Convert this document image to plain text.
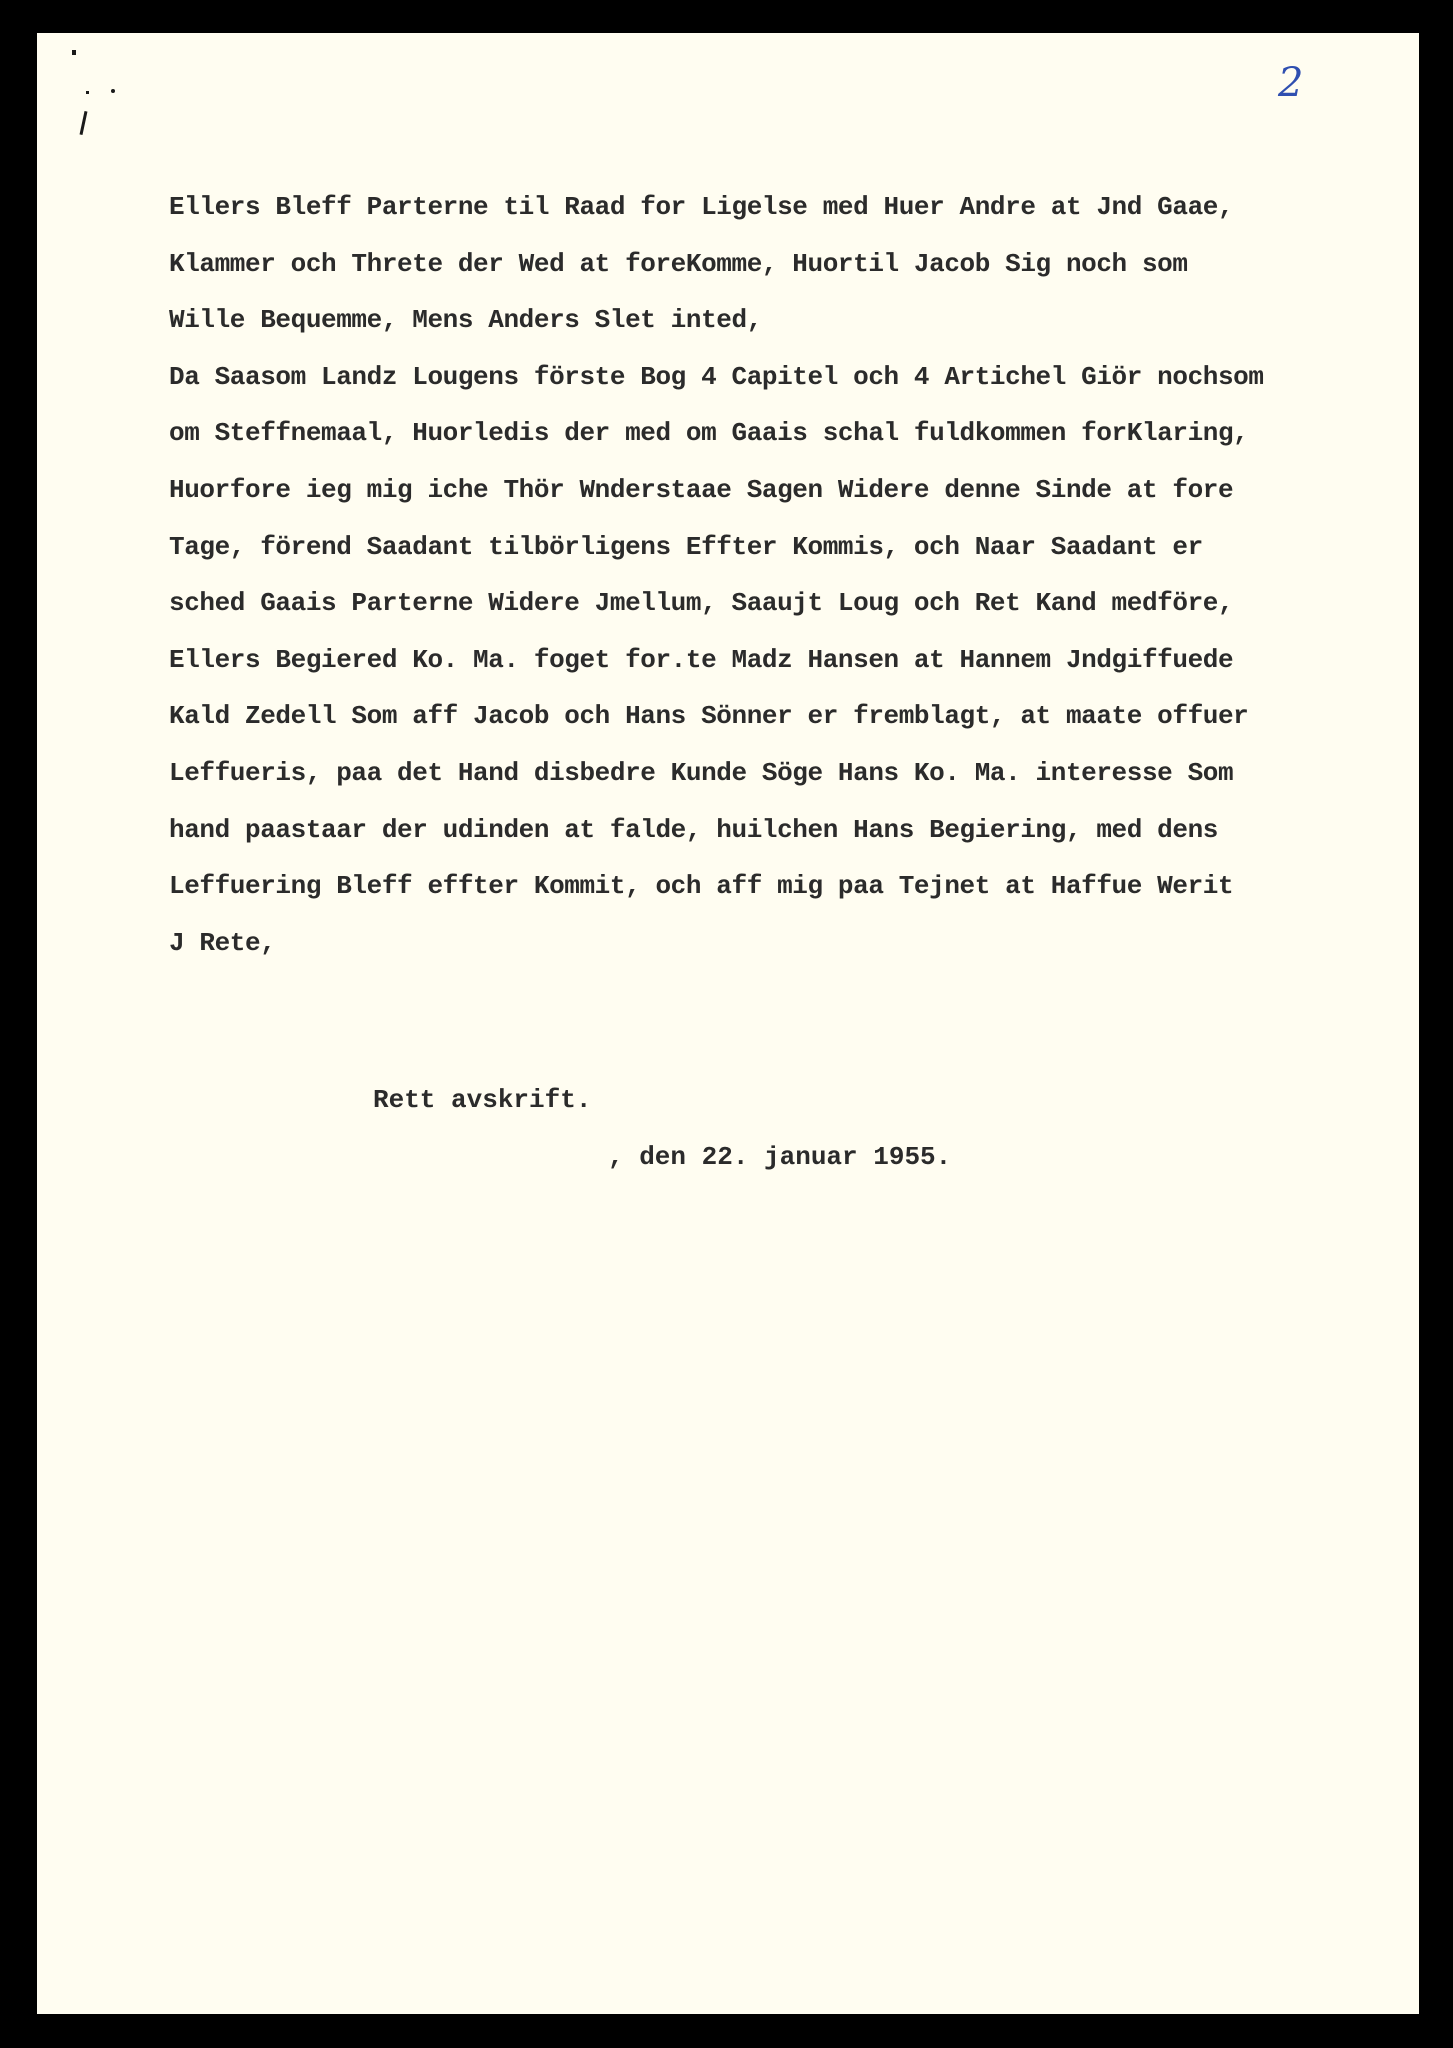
2
Ellers Bleff Parterne til Raad for Ligelse med Huer Andre at Jnd Gaae,
Klammer och Threte der Wed at foreKomme, Huortil Jacob Sig noch som
Wille Bequemme, Mens Anders Slet inted,
Da Saasom Landz Lougens förste Bog 4 Capitel och 4 Artichel Giör nochsom
om Steffnemaal, Huorledis der med om Gaais schal fuldkommen forKlaring,
Huorfore ieg mig iche Thör Wnderstaae Sagen Widere denne Sinde at fore
Tage, förend Saadant tilbörligens Effter Kommis, och Naar Saadant er
sched Gaais Parterne Widere Jmellum, Saaujt Loug och Ret Kand medföre,
Ellers Begiered Ko. Ma. foget for.te Madz Hansen at Hannem Jndgiffuede
Kald Zedell Som aff Jacob och Hans Sönner er fremblagt, at maate offuer
Leffueris, paa det Hand disbedre Kunde Söge Hans Ko. Ma. interesse Som
hand paastaar der udinden at falde, huilchen Hans Begiering, med dens
Leffuering Bleff effter Kommit, och aff mig paa Tejnet at Haffue Werit
J Rete,
Rett avskrift.
, den 22. januar 1955.
